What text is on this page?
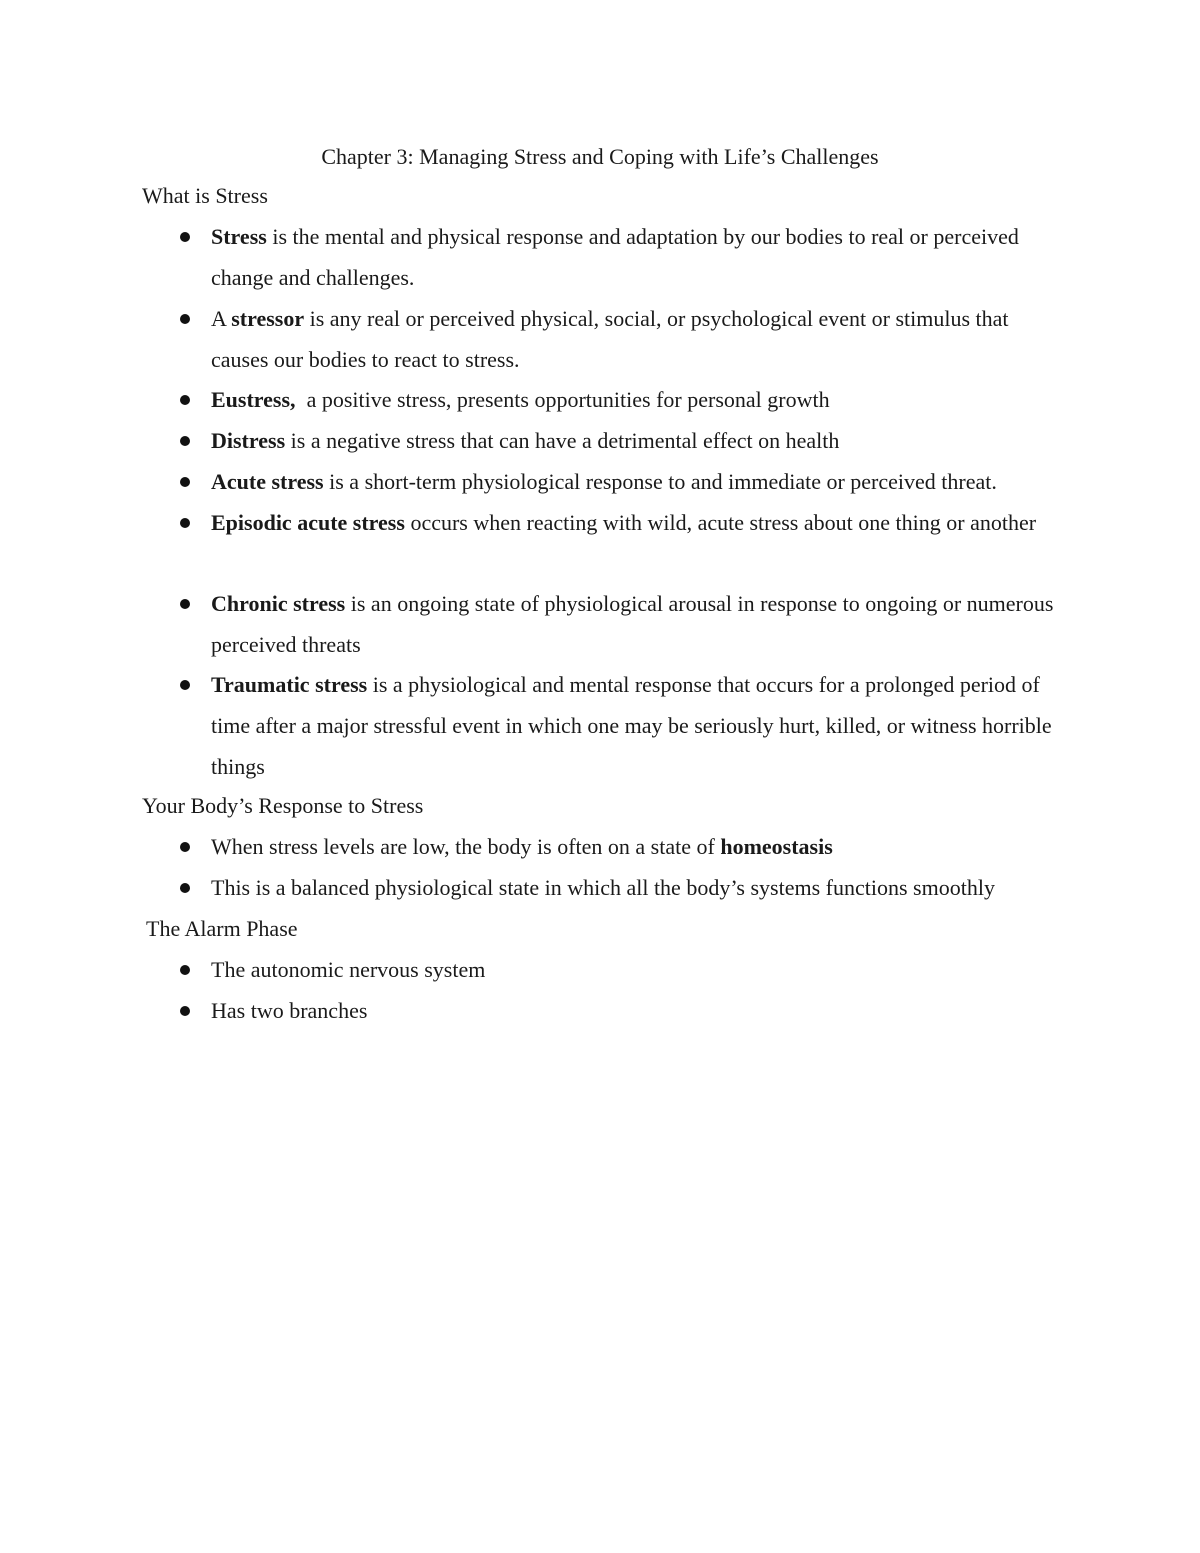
Chapter 3: Managing Stress and Coping with Life’s Challenges
What is Stress
Stress is the mental and physical response and adaptation by our bodies to real or perceived change and challenges.
A stressor is any real or perceived physical, social, or psychological event or stimulus that causes our bodies to react to stress.
Eustress,  a positive stress, presents opportunities for personal growth
Distress is a negative stress that can have a detrimental effect on health
Acute stress is a short-term physiological response to and immediate or perceived threat.
Episodic acute stress occurs when reacting with wild, acute stress about one thing or another
Chronic stress is an ongoing state of physiological arousal in response to ongoing or numerous perceived threats
Traumatic stress is a physiological and mental response that occurs for a prolonged period of time after a major stressful event in which one may be seriously hurt, killed, or witness horrible things
Your Body’s Response to Stress
When stress levels are low, the body is often on a state of homeostasis
This is a balanced physiological state in which all the body’s systems functions smoothly
The Alarm Phase
The autonomic nervous system
Has two branches
